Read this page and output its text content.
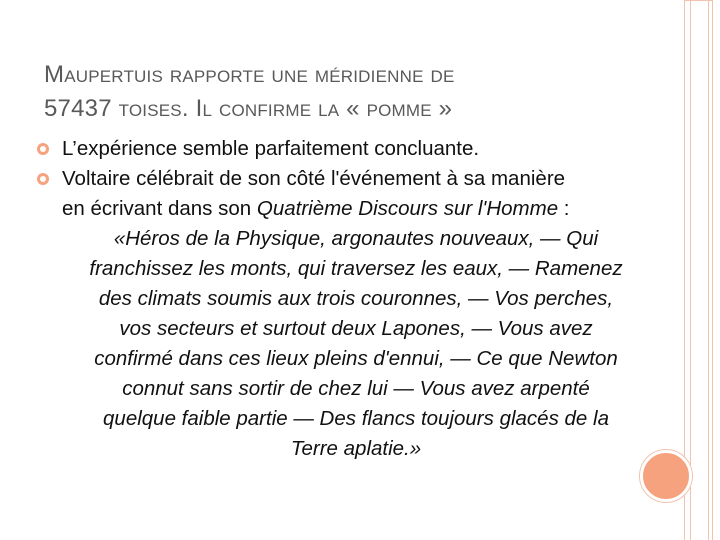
Maupertuis rapporte une méridienne de
57437 toises. Il confirme la « pomme »
L’expérience semble parfaitement concluante.
Voltaire célébrait de son côté l'événement à sa manière
en écrivant dans son Quatrième Discours sur l'Homme :
«Héros de la Physique, argonautes nouveaux, — Qui
franchissez les monts, qui traversez les eaux, — Ramenez
des climats soumis aux trois couronnes, — Vos perches,
vos secteurs et surtout deux Lapones, — Vous avez
confirmé dans ces lieux pleins d'ennui, — Ce que Newton
connut sans sortir de chez lui — Vous avez arpenté
quelque faible partie — Des flancs toujours glacés de la
Terre aplatie.»
